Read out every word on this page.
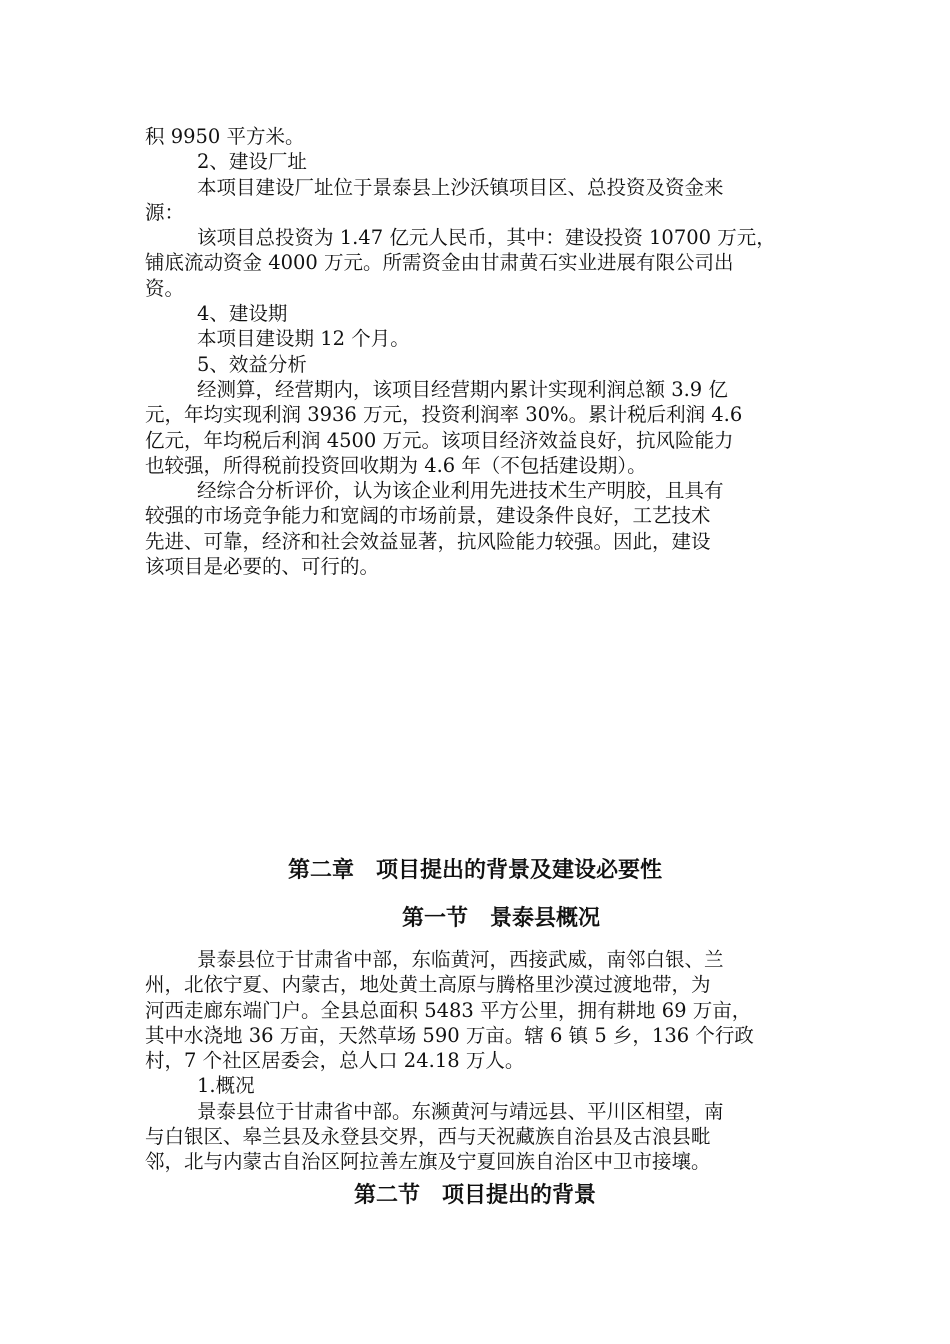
积 9950 平方米。
2、建设厂址
本项目建设厂址位于景泰县上沙沃镇项目区、总投资及资金来
源：
该项目总投资为 1.47 亿元人民币，其中：建设投资 10700 万元，
铺底流动资金 4000 万元。所需资金由甘肃黄石实业进展有限公司出
资。
4、建设期
本项目建设期 12 个月。
5、效益分析
经测算，经营期内，该项目经营期内累计实现利润总额 3.9 亿
元，年均实现利润 3936 万元，投资利润率 30%。累计税后利润 4.6
亿元，年均税后利润 4500 万元。该项目经济效益良好，抗风险能力
也较强，所得税前投资回收期为 4.6 年（不包括建设期）。
经综合分析评价，认为该企业利用先进技术生产明胶，且具有
较强的市场竞争能力和宽阔的市场前景，建设条件良好，工艺技术
先进、可靠，经济和社会效益显著，抗风险能力较强。因此，建设
该项目是必要的、可行的。
第二章　项目提出的背景及建设必要性
第一节　景泰县概况
景泰县位于甘肃省中部，东临黄河，西接武威，南邻白银、兰
州，北依宁夏、内蒙古，地处黄土高原与腾格里沙漠过渡地带，为
河西走廊东端门户。全县总面积 5483 平方公里，拥有耕地 69 万亩，
其中水浇地 36 万亩，天然草场 590 万亩。辖 6 镇 5 乡，136 个行政
村，7 个社区居委会，总人口 24.18 万人。
1.概况
景泰县位于甘肃省中部。东濒黄河与靖远县、平川区相望，南
与白银区、皋兰县及永登县交界，西与天祝藏族自治县及古浪县毗
邻，北与内蒙古自治区阿拉善左旗及宁夏回族自治区中卫市接壤。
第二节　项目提出的背景
